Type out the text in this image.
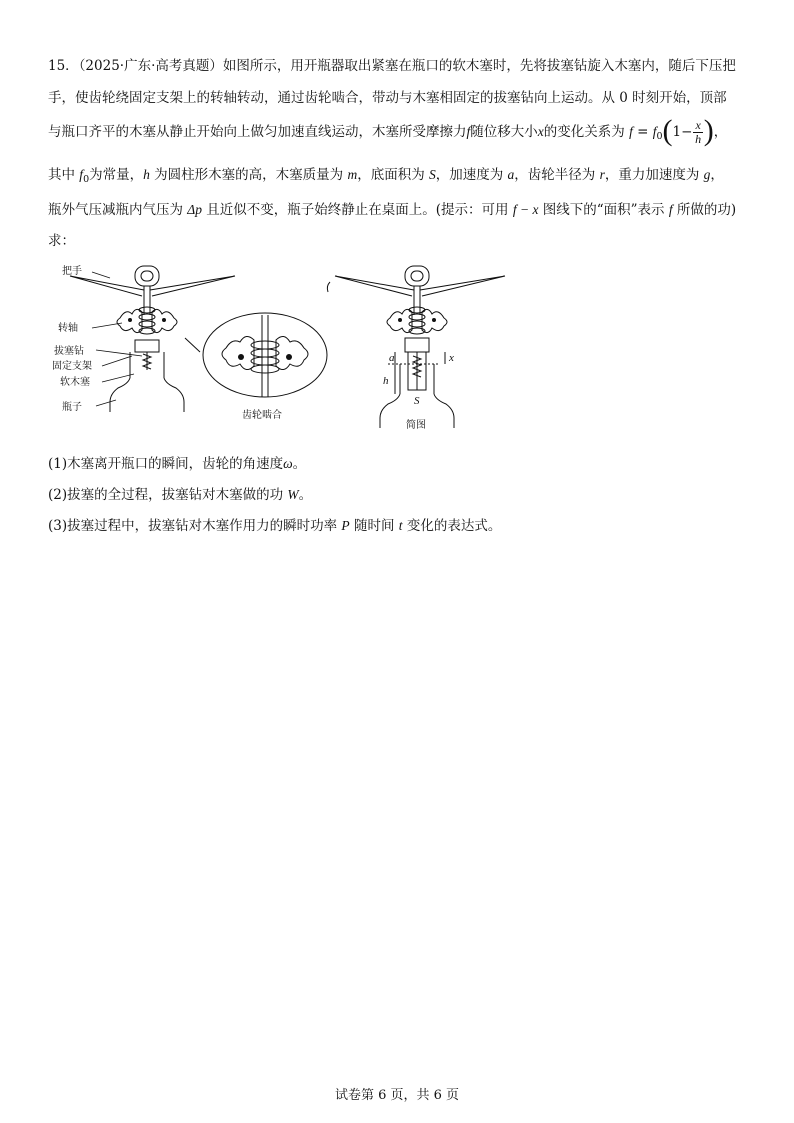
15．（2025·广东·高考真题）如图所示，用开瓶器取出紧塞在瓶口的软木塞时，先将拔塞钻旋入木塞内，随后下压把
手，使齿轮绕固定支架上的转轴转动，通过齿轮啮合，带动与木塞相固定的拔塞钻向上运动。从 0 时刻开始，顶部
与瓶口齐平的木塞从静止开始向上做匀加速直线运动，木塞所受摩擦力f随位移大小x的变化关系为 $f = f_0(1- \frac{x}{h}$ )，
其中 $f_0$为常量，h 为圆柱形木塞的高，木塞质量为 m，底面积为 S，加速度为 a，齿轮半径为 r，重力加速度为 g，
瓶外气压减瓶内气压为 Δp 且近似不变，瓶子始终静止在桌面上。(提示：可用 f − x 图线下的“面积”表示 f 所做的功)
求：
把手
转轴
拔塞钻
固定支架
软木塞
瓶子
齿轮啮合
简图
a
h
x
S
(1)木塞离开瓶口的瞬间，齿轮的角速度ω。
(2)拔塞的全过程，拔塞钻对木塞做的功 W。
(3)拔塞过程中，拔塞钻对木塞作用力的瞬时功率 P 随时间 t 变化的表达式。
试卷第 6 页，共 6 页
